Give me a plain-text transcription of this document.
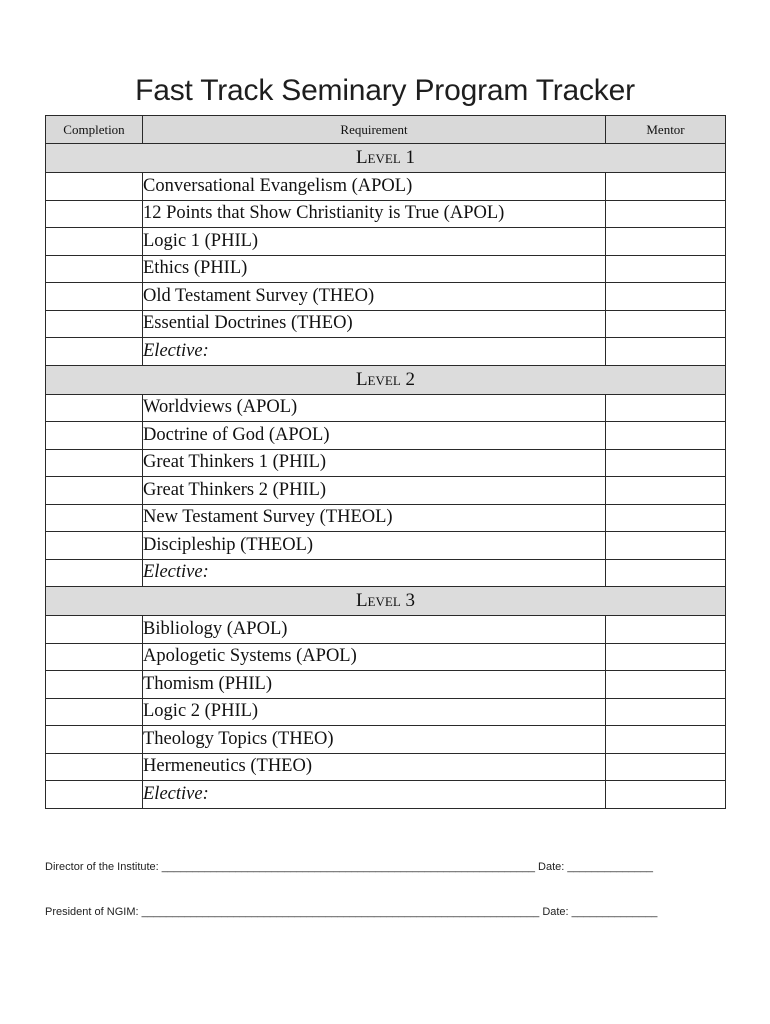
Fast Track Seminary Program Tracker
Completion	Requirement	Mentor
Level 1		
	Conversational Evangelism (APOL)	
	12 Points that Show Christianity is True (APOL)	
	Logic 1 (PHIL)	
	Ethics (PHIL)	
	Old Testament Survey (THEO)	
	Essential Doctrines (THEO)	
	Elective:	
Level 2		
	Worldviews (APOL)	
	Doctrine of God (APOL)	
	Great Thinkers 1 (PHIL)	
	Great Thinkers 2 (PHIL)	
	New Testament Survey (THEOL)	
	Discipleship (THEOL)	
	Elective:	
Level 3		
	Bibliology (APOL)	
	Apologetic Systems (APOL)	
	Thomism (PHIL)	
	Logic 2 (PHIL)	
	Theology Topics (THEO)	
	Hermeneutics (THEO)	
	Elective:	
Director of the Institute: _____________________________________________________________ Date: ______________
President of NGIM: _________________________________________________________________ Date: ______________
